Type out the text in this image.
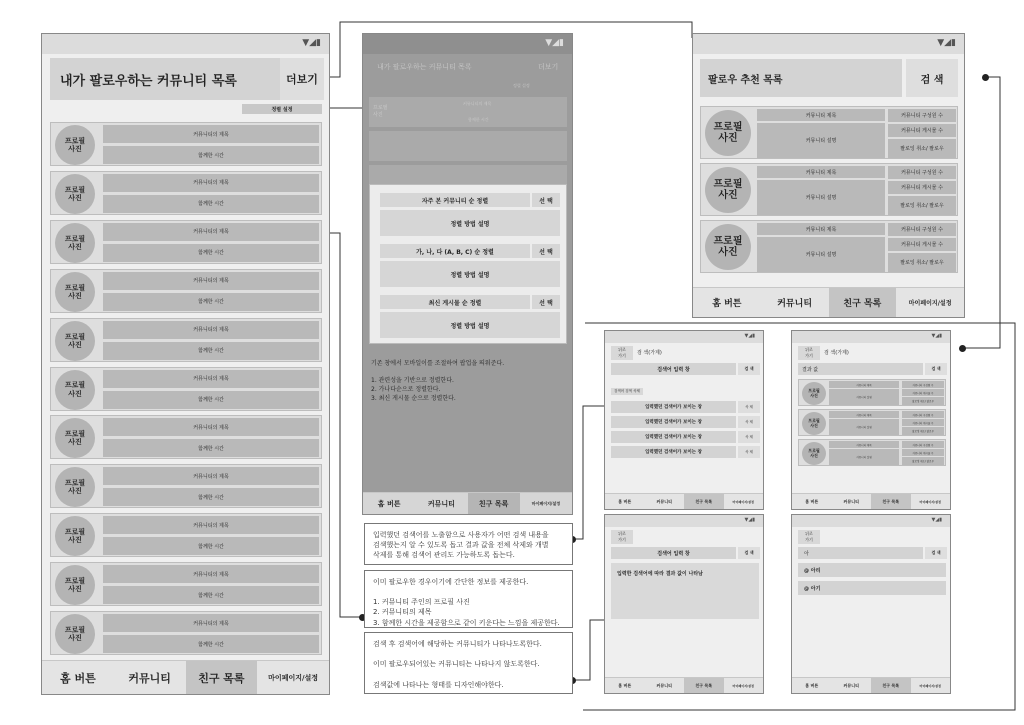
▼◢▮
내가 팔로우하는 커뮤니티 목록	더보기
정렬 설정
프로필
사진
커뮤니티의 제목
함께한 시간
프로필
사진
커뮤니티의 제목
함께한 시간
프로필
사진
커뮤니티의 제목
함께한 시간
프로필
사진
커뮤니티의 제목
함께한 시간
프로필
사진
커뮤니티의 제목
함께한 시간
프로필
사진
커뮤니티의 제목
함께한 시간
프로필
사진
커뮤니티의 제목
함께한 시간
프로필
사진
커뮤니티의 제목
함께한 시간
프로필
사진
커뮤니티의 제목
함께한 시간
프로필
사진
커뮤니티의 제목
함께한 시간
프로필
사진
커뮤니티의 제목
함께한 시간
홈 버튼	커뮤니티	친구 목록	마이페이지/설정
▼◢▮
내가 팔로우하는 커뮤니티 목록	더보기
정렬 설정
프로필
사진
커뮤니티의 제목
함께한 시간
자주 본 커뮤니티 순 정렬	선 택
정렬 방법 설명
가, 나, 다 (A, B, C) 순 정렬	선 택
정렬 방법 설명
최신 게시물 순 정렬	선 택
정렬 방법 설명
기존 창에서 모바일이를 조절하여 팝업을 띄워준다.

1. 관련성을 기반으로 정렬한다.
2. 가나다순으로 정렬한다.
3. 최신 게시물 순으로 정렬한다.
홈 버튼	커뮤니티	친구 목록	마이페이지/설정
▼◢▮
팔로우 추천 목록	검 색
프로필
사진
커뮤니티 제목
커뮤니티 설명
커뮤니티 구성원 수
커뮤니티 게시물 수
팔로잉 취소/ 팔로우
프로필
사진
커뮤니티 제목
커뮤니티 설명
커뮤니티 구성원 수
커뮤니티 게시물 수
팔로잉 취소/ 팔로우
프로필
사진
커뮤니티 제목
커뮤니티 설명
커뮤니티 구성원 수
커뮤니티 게시물 수
팔로잉 취소/ 팔로우
홈 버튼	커뮤니티	친구 목록	마이페이지/설정
▼◢▮
뒤로
가기	검 색(가제)
검색어 입력 창	검 색
검색어 검색 삭제
입력했던 검색어가 보이는 창	삭 제
입력했던 검색어가 보이는 창	삭 제
입력했던 검색어가 보이는 창	삭 제
입력했던 검색어가 보이는 창	삭 제
홈 버튼	커뮤니티	친구 목록	마이페이지/설정
▼◢▮
뒤로
가기	검 색(가제)
결과 값	검 색
프로필
사진
커뮤니티 제목
커뮤니티 설명
커뮤니티 구성원 수
커뮤니티 게시물 수
팔로잉 취소/ 팔로우
프로필
사진
커뮤니티 제목
커뮤니티 설명
커뮤니티 구성원 수
커뮤니티 게시물 수
팔로잉 취소/ 팔로우
프로필
사진
커뮤니티 제목
커뮤니티 설명
커뮤니티 구성원 수
커뮤니티 게시물 수
팔로잉 취소/ 팔로우
홈 버튼	커뮤니티	친구 목록	마이페이지/설정
▼◢▮
뒤로
가기
검색어 입력 창	검 색
입력한 검색어에 따라 결과 값이 나타남
홈 버튼	커뮤니티	친구 목록	마이페이지/설정
▼◢▮
뒤로
가기
아	검 색
@ 아리
@ 아기
홈 버튼	커뮤니티	친구 목록	마이페이지/설정

입력했던 검색어를 노출함으로 사용자가 어떤 검색 내용을
검색했는지 알 수 있도록 돕고 결과 값을 전체 삭제와 개별
삭제를 통해 검색어 관리도 가능하도록 돕는다.

이미 팔로우한 경우이기에 간단한 정보를 제공한다.

1. 커뮤니티 주인의 프로필 사진
2. 커뮤니티의 제목
3. 함께한 시간을 제공함으로 같이 키운다는 느낌을 제공한다.

검색 후 검색어에 해당하는 커뮤니티가 나타나도록한다.

이미 팔로우되어있는 커뮤니티는 나타나지 않도록한다.

검색값에 나타나는 형태를 디자인해야한다.
